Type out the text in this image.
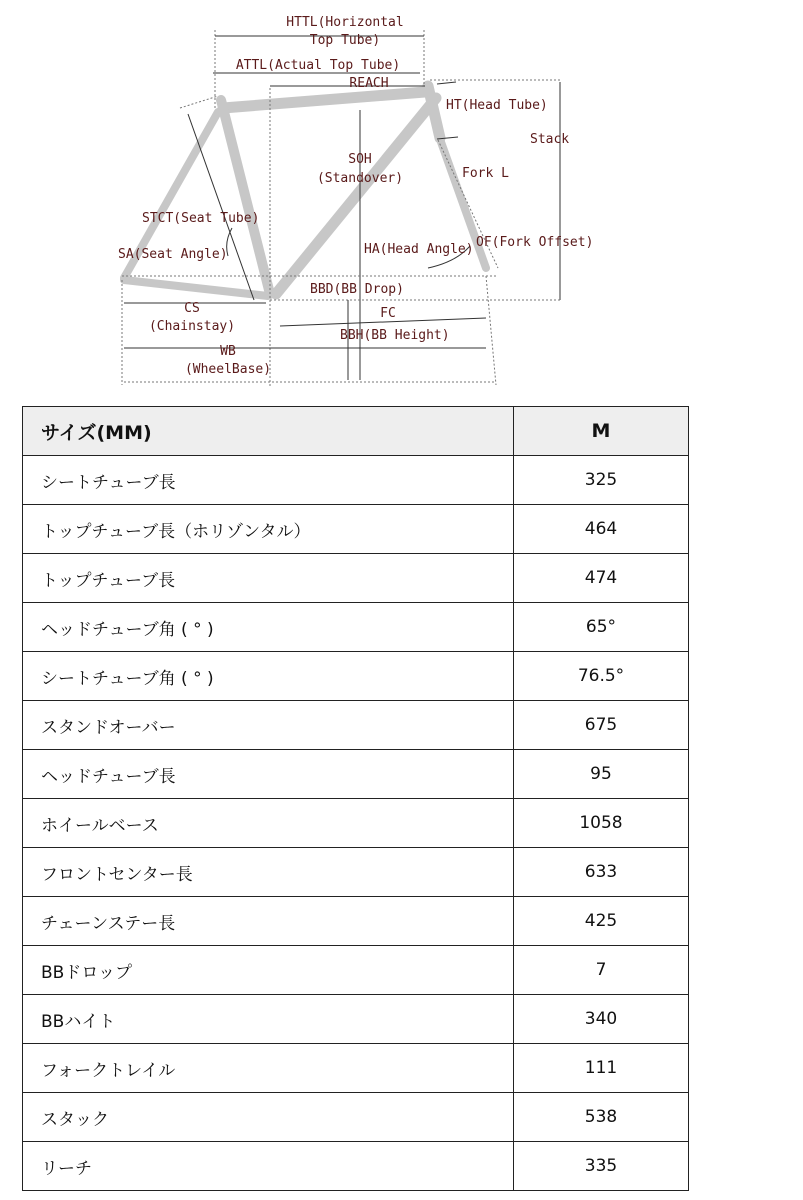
HTTL(Horizontal
Top Tube)
ATTL(Actual Top Tube)
REACH
HT(Head Tube)
Stack
SOH
(Standover)	Fork L
STCT(Seat Tube)
SA(Seat Angle)	HA(Head Angle) OF(Fork Offset)
BBD(BB Drop)
CS
(Chainstay)
FC
BBH(BB Height)
WB
(WheelBase)
サイズ(MM)	M
シートチューブ長	325
トップチューブ長（ホリゾンタル）	464
トップチューブ長	474
ヘッドチューブ角 ( ° )	65°
シートチューブ角 ( ° )	76.5°
スタンドオーバー	675
ヘッドチューブ長	95
ホイールベース	1058
フロントセンター長	633
チェーンステー長	425
BBドロップ	7
BBハイト	340
フォークトレイル	111
スタック	538
リーチ	335
